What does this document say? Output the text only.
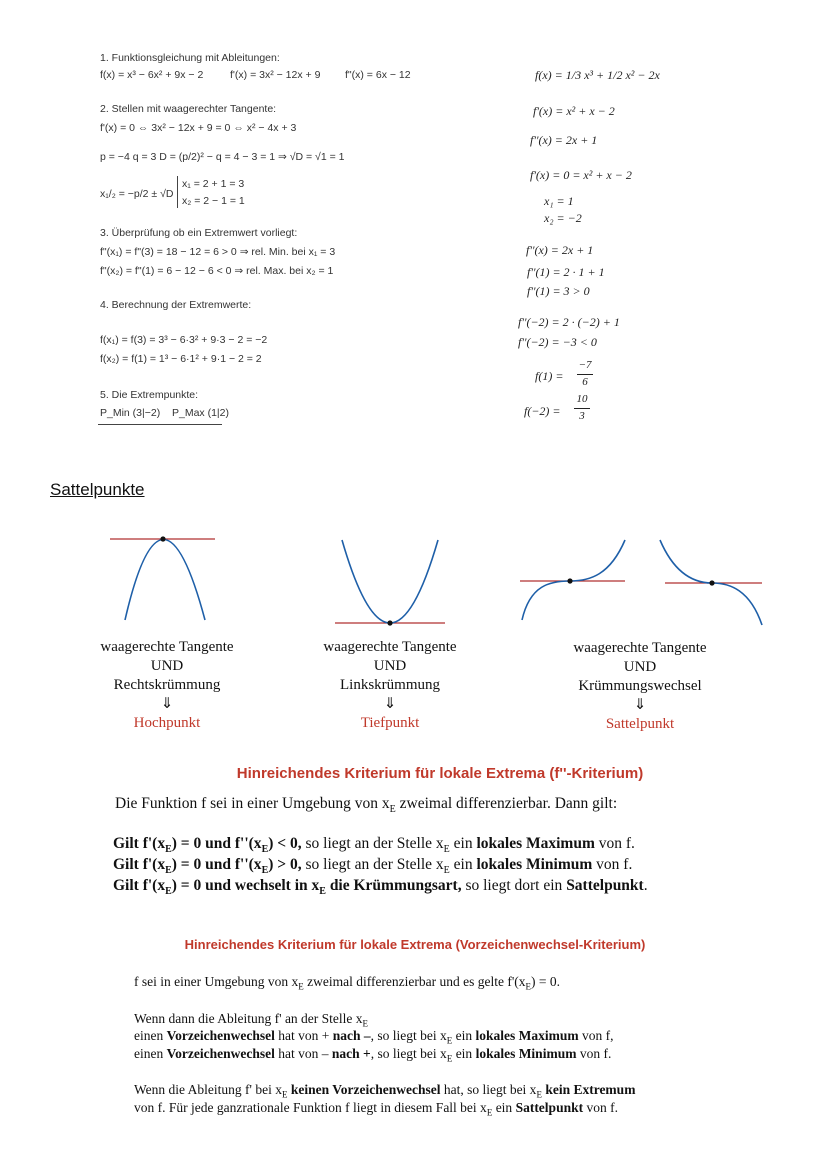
1. Funktionsgleichung mit Ableitungen:
f(x) = x³ − 6x² + 9x − 2	f'(x) = 3x² − 12x + 9 f"(x) = 6x − 12
2. Stellen mit waagerechter Tangente:
f'(x) = 0 ⇔ 3x² − 12x + 9 = 0 ⇔ x² − 4x + 3
p = −4 q = 3 D = (p/2)² − q = 4 − 3 = 1 ⇒ √D = √1 = 1
x₁/₂ = −p/2 ± √D
x₁ = 2 + 1 = 3
x₂ = 2 − 1 = 1
3. Überprüfung ob ein Extremwert vorliegt:
f"(x₁) = f"(3) = 18 − 12 = 6 > 0 ⇒ rel. Min. bei x₁ = 3
f"(x₂) = f"(1) = 6 − 12 − 6 < 0 ⇒ rel. Max. bei x₂ = 1
4. Berechnung der Extremwerte:
f(x₁) = f(3) = 3³ − 6·3² + 9·3 − 2 = −2
f(x₂) = f(1) = 1³ − 6·1² + 9·1 − 2 = 2
5. Die Extrempunkte:
P_Min (3|−2) P_Max (1|2)
f(x) = 1/3 x³ + 1/2 x² − 2x
f'(x) = x² + x − 2
f''(x) = 2x + 1
f'(x) = 0 = x² + x − 2
x₁ = 1
x₂ = −2
f''(x) = 2x + 1
f''(1) = 2 · 1 + 1
f''(1) = 3 > 0
f''(−2) = 2 · (−2) + 1
f''(−2) = −3 < 0
f(1) =
−7
6
f(−2) =
10
3
Sattelpunkte
waagerechte Tangente
UND
Rechtskrümmung
⇓
Hochpunkt
waagerechte Tangente
UND
Linkskrümmung
⇓
Tiefpunkt
waagerechte Tangente
UND
Krümmungswechsel
⇓
Sattelpunkt
Hinreichendes Kriterium für lokale Extrema (f''-Kriterium)
Die Funktion f sei in einer Umgebung von $x_E$ zweimal differenzierbar. Dann gilt:
Gilt $f'(x_E) = 0$ und $f''(x_E) < 0$, so liegt an der Stelle $x_E$ ein lokales Maximum von f.
Gilt $f'(x_E) = 0$ und $f''(x_E) > 0$, so liegt an der Stelle $x_E$ ein lokales Minimum von f.
Gilt $f'(x_E) = 0$ und wechselt in $x_E$ die Krümmungsart, so liegt dort ein Sattelpunkt.
Hinreichendes Kriterium für lokale Extrema (Vorzeichenwechsel-Kriterium)
f sei in einer Umgebung von $x_E$ zweimal differenzierbar und es gelte $f'(x_E) = 0$.
Wenn dann die Ableitung f' an der Stelle $x_E$
einen Vorzeichenwechsel hat von + nach –, so liegt bei $x_E$ ein lokales Maximum von f,
einen Vorzeichenwechsel hat von – nach +, so liegt bei $x_E$ ein lokales Minimum von f.
Wenn die Ableitung f' bei $x_E$ keinen Vorzeichenwechsel hat, so liegt bei $x_E$ kein Extremum
von f. Für jede ganzrationale Funktion f liegt in diesem Fall bei $x_E$ ein Sattelpunkt von f.
